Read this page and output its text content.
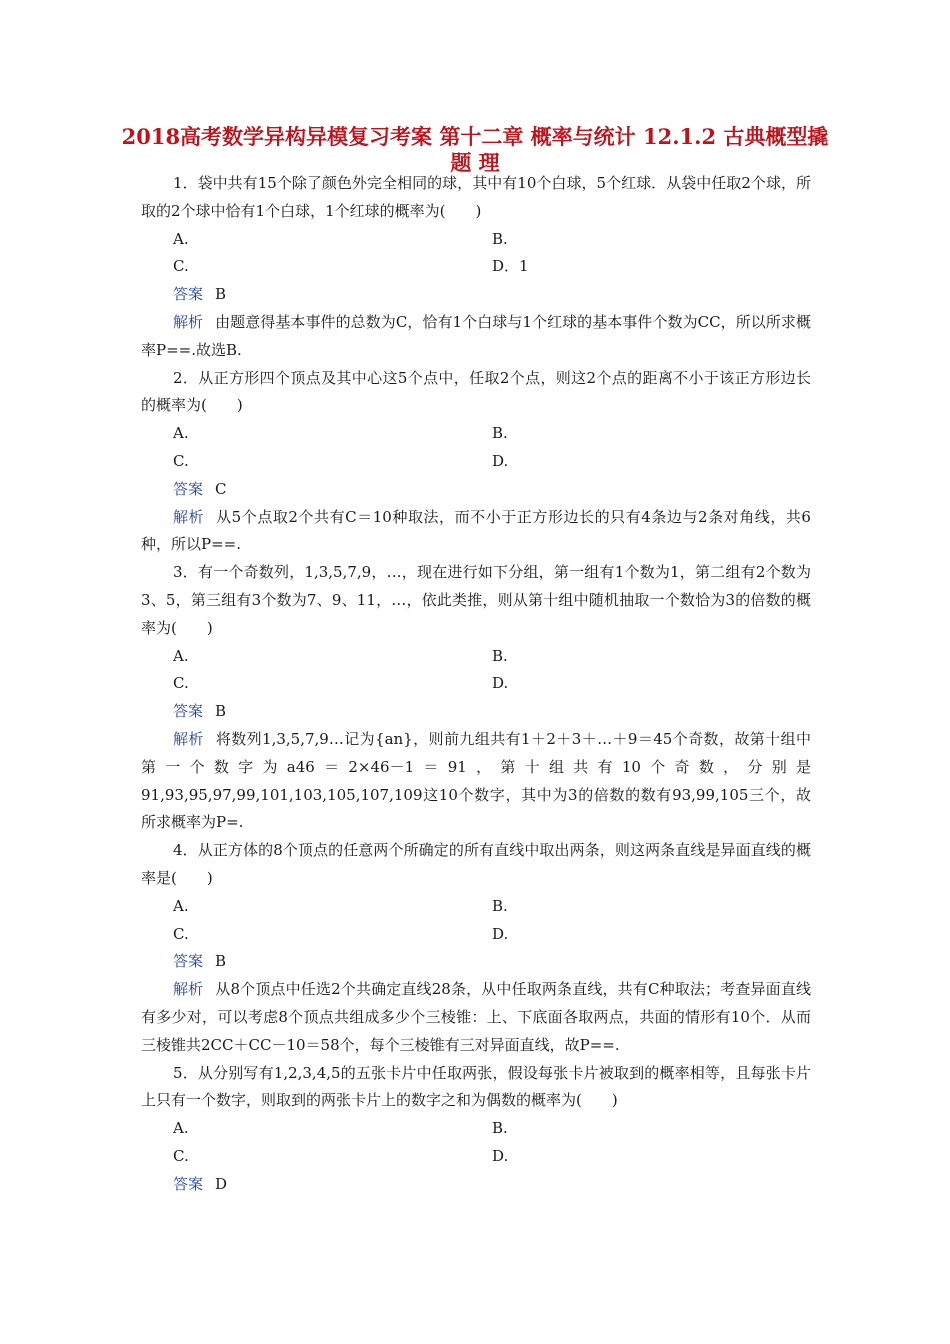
2018高考数学异构异模复习考案 第十二章 概率与统计 12.1.2 古典概型撬题 理

1．袋中共有15个除了颜色外完全相同的球，其中有10个白球，5个红球．从袋中任取2个球，所取的2个球中恰有1个白球，1个红球的概率为(　　)

A.	B.
C.	D．1

答案 B

解析 由题意得基本事件的总数为C，恰有1个白球与1个红球的基本事件个数为CC，所以所求概率P==.故选B.

2．从正方形四个顶点及其中心这5个点中，任取2个点，则这2个点的距离不小于该正方形边长的概率为(　　)

A.	B.
C.	D.

答案 C

解析 从5个点取2个共有C＝10种取法，而不小于正方形边长的只有4条边与2条对角线，共6种，所以P==.

3．有一个奇数列，1,3,5,7,9，…，现在进行如下分组，第一组有1个数为1，第二组有2个数为3、5，第三组有3个数为7、9、11，…，依此类推，则从第十组中随机抽取一个数恰为3的倍数的概率为(　　)

A.	B.
C.	D.

答案 B

解析 将数列1,3,5,7,9…记为{an}，则前九组共有1＋2＋3＋…＋9＝45个奇数，故第十组中第一个数字为a46＝2×46－1＝91，第十组共有10个奇数，分别是91,93,95,97,99,101,103,105,107,109这10个数字，其中为3的倍数的数有93,99,105三个，故所求概率为P=.

4．从正方体的8个顶点的任意两个所确定的所有直线中取出两条，则这两条直线是异面直线的概率是(　　)

A.	B.
C.	D.

答案 B

解析 从8个顶点中任选2个共确定直线28条，从中任取两条直线，共有C种取法；考查异面直线有多少对，可以考虑8个顶点共组成多少个三棱锥：上、下底面各取两点，共面的情形有10个．从而三棱锥共2CC＋CC－10＝58个，每个三棱锥有三对异面直线，故P==.

5．从分别写有1,2,3,4,5的五张卡片中任取两张，假设每张卡片被取到的概率相等，且每张卡片上只有一个数字，则取到的两张卡片上的数字之和为偶数的概率为(　　)

A.	B.
C.	D.

答案 D
